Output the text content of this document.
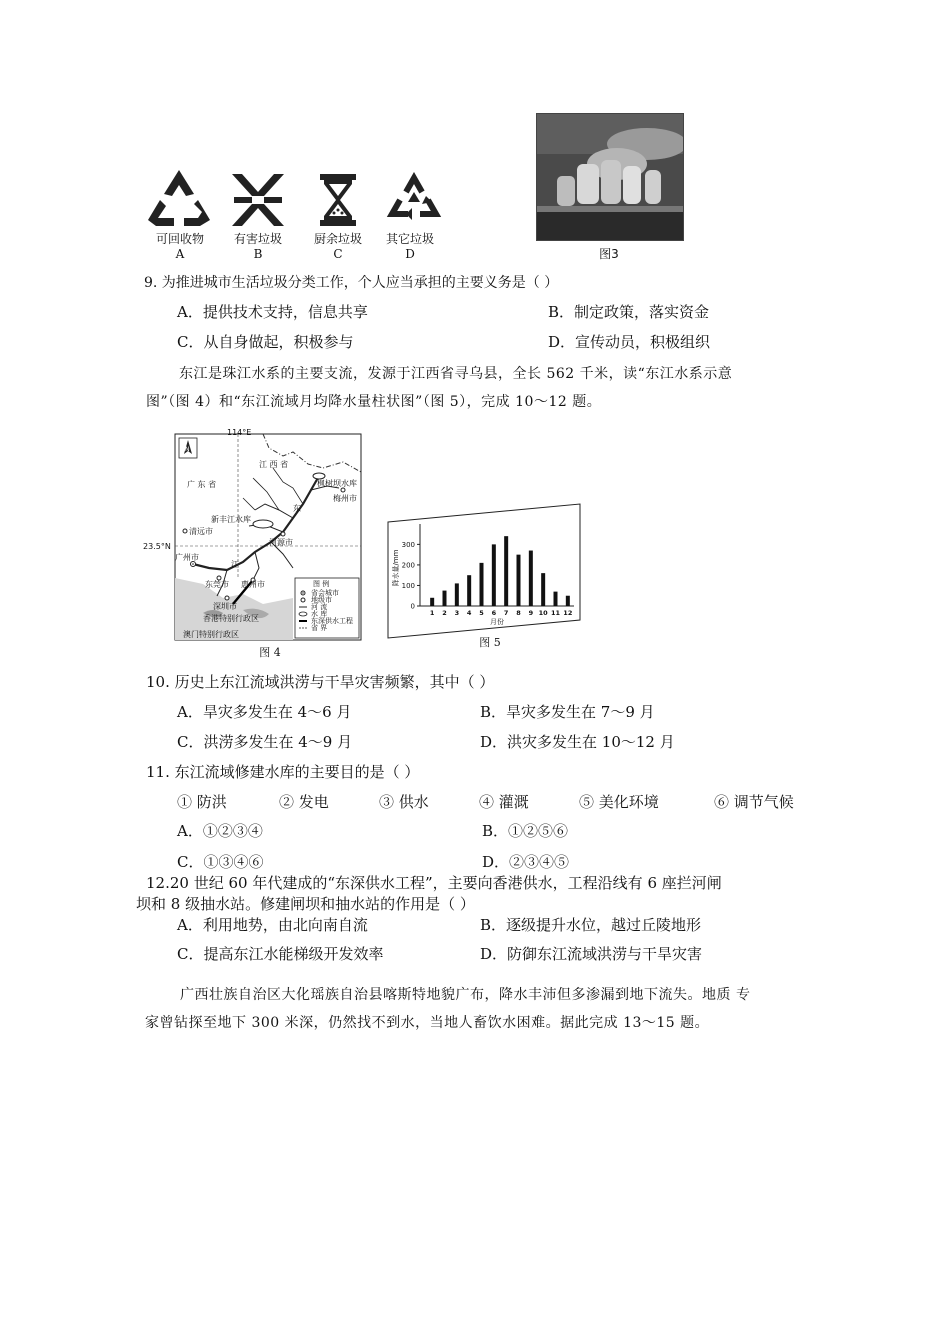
可回收物
A
有害垃圾
B
厨余垃圾
C
其它垃圾
D	图3
9. 为推进城市生活垃圾分类工作，个人应当承担的主要义务是（ ）
A．提供技术支持，信息共享	B．制定政策，落实资金
C．从自身做起，积极参与	D．宣传动员，积极组织
东江是珠江水系的主要支流，发源于江西省寻乌县，全长 562 千米，读“东江水系示意
图”（图 4）和“东江流域月均降水量柱状图”（图 5），完成 10～12 题。
114°E
23.5°N
N
江 西 省
广 东 省	枫树坝水库
梅州市
东
新丰江水库
河源市
清远市
广州市
江
东莞市 惠州市
深圳市
香港特别行政区
澳门特别行政区
图 例
省会城市
地级市
河 流
水 库
东深供水工程
省 界
图 4
0
100
200
300
1 2 3 4 5 6 7 8 9 10 11 12
月份
降水量/mm
图 5
10. 历史上东江流域洪涝与干旱灾害频繁，其中（ ）
A．旱灾多发生在 4～6 月	B．旱灾多发生在 7～9 月
C．洪涝多发生在 4～9 月	D．洪灾多发生在 10～12 月
11. 东江流域修建水库的主要目的是（ ）
① 防洪	② 发电	③ 供水	④ 灌溉	⑤ 美化环境	⑥ 调节气候
A．①②③④	B．①②⑤⑥
C．①③④⑥	D．②③④⑤
12.20 世纪 60 年代建成的“东深供水工程”，主要向香港供水，工程沿线有 6 座拦河闸
坝和 8 级抽水站。修建闸坝和抽水站的作用是（ ）
A．利用地势，由北向南自流	B．逐级提升水位，越过丘陵地形
C．提高东江水能梯级开发效率	D．防御东江流域洪涝与干旱灾害
广西壮族自治区大化瑶族自治县喀斯特地貌广布，降水丰沛但多渗漏到地下流失。地质 专
家曾钻探至地下 300 米深，仍然找不到水，当地人畜饮水困难。据此完成 13～15 题。
